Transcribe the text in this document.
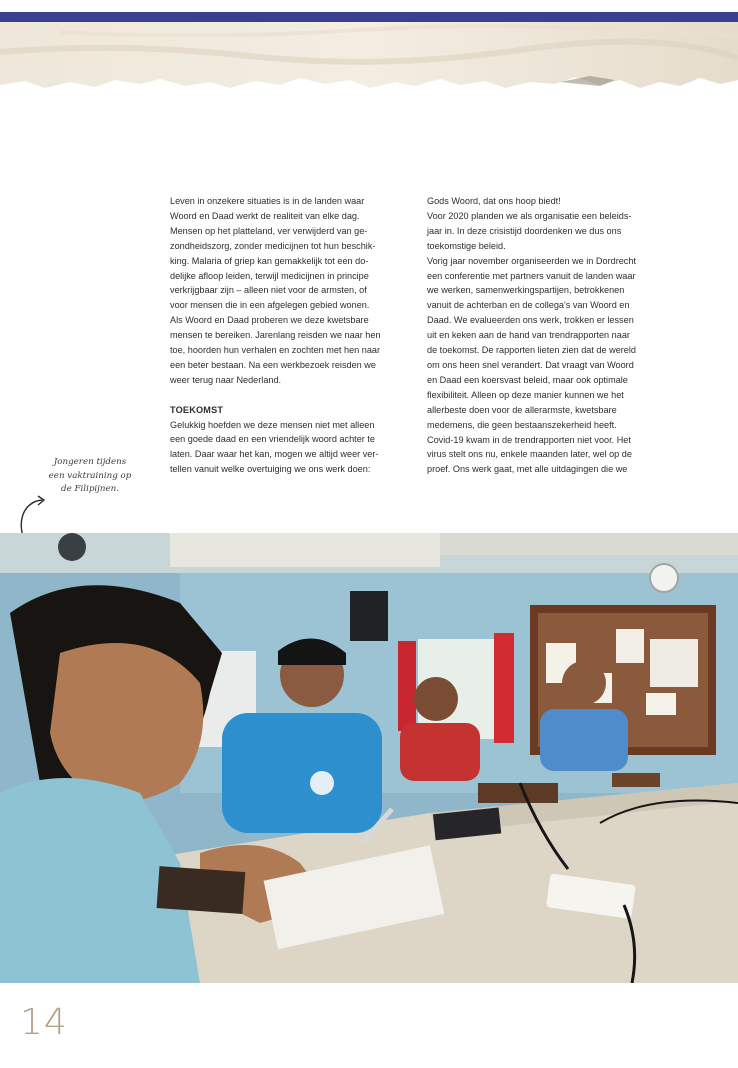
Leven in onzekere situaties is in de landen waar

Woord en Daad werkt de realiteit van elke dag.

Mensen op het platteland, ver verwijderd van ge-

zondheidszorg, zonder medicijnen tot hun beschik-

king. Malaria of griep kan gemakkelijk tot een do-

delijke afloop leiden, terwijl medicijnen in principe

verkrijgbaar zijn – alleen niet voor de armsten, of

voor mensen die in een afgelegen gebied wonen.

Als Woord en Daad proberen we deze kwetsbare

mensen te bereiken. Jarenlang reisden we naar hen

toe, hoorden hun verhalen en zochten met hen naar

een beter bestaan. Na een werkbezoek reisden we

weer terug naar Nederland.

TOEKOMST

Gelukkig hoefden we deze mensen niet met alleen

een goede daad en een vriendelijk woord achter te

laten. Daar waar het kan, mogen we altijd weer ver-

tellen vanuit welke overtuiging we ons werk doen:

Gods Woord, dat ons hoop biedt!

Voor 2020 planden we als organisatie een beleids-

jaar in. In deze crisistijd doordenken we dus ons

toekomstige beleid.

Vorig jaar november organiseerden we in Dordrecht

een conferentie met partners vanuit de landen waar

we werken, samenwerkingspartijen, betrokkenen

vanuit de achterban en de collega's van Woord en

Daad. We evalueerden ons werk, trokken er lessen

uit en keken aan de hand van trendrapporten naar

de toekomst. De rapporten lieten zien dat de wereld

om ons heen snel verandert. Dat vraagt van Woord

en Daad een koersvast beleid, maar ook optimale

flexibiliteit. Alleen op deze manier kunnen we het

allerbeste doen voor de allerarmste, kwetsbare

medemens, die geen bestaanszekerheid heeft.

Covid-19 kwam in de trendrapporten niet voor. Het

virus stelt ons nu, enkele maanden later, wel op de

proef. Ons werk gaat, met alle uitdagingen die we

Jongeren tijdens
een vaktraining op
de Filipijnen.
14
